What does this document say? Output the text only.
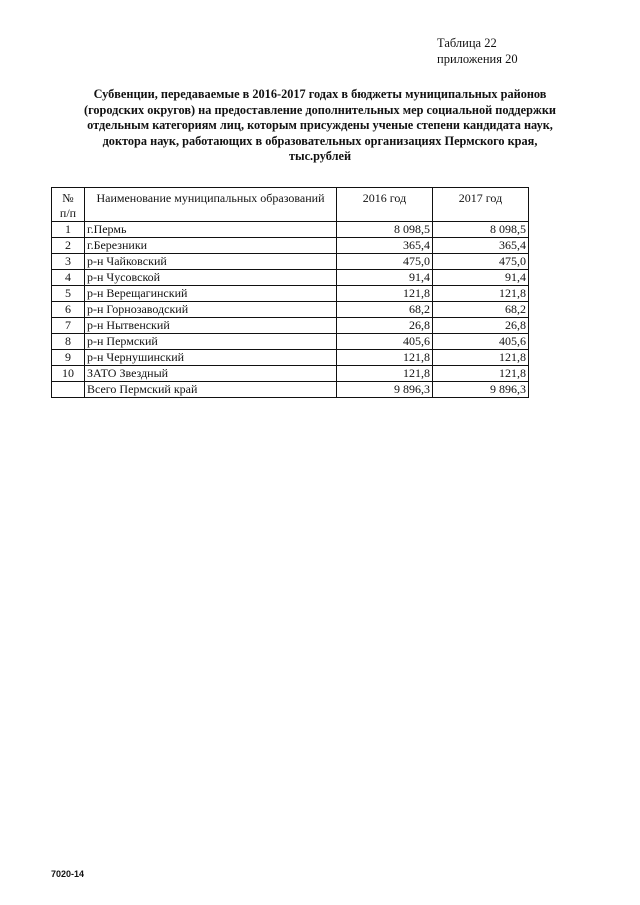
Таблица 22
приложения 20
Субвенции, передаваемые в 2016-2017 годах в бюджеты муниципальных районов
(городских округов) на предоставление дополнительных мер социальной поддержки
отдельным категориям лиц, которым присуждены ученые степени кандидата наук,
доктора наук, работающих в образовательных организациях Пермского края,
тыс.рублей
№
п/п	Наименование муниципальных образований	2016 год	2017 год
1	г.Пермь	8 098,5	8 098,5
2	г.Березники	365,4	365,4
3	р-н Чайковский	475,0	475,0
4	р-н Чусовской	91,4	91,4
5	р-н Верещагинский	121,8	121,8
6	р-н Горнозаводский	68,2	68,2
7	р-н Нытвенский	26,8	26,8
8	р-н Пермский	405,6	405,6
9	р-н Чернушинский	121,8	121,8
10	ЗАТО Звездный	121,8	121,8
	Всего Пермский край	9 896,3	9 896,3
7020-14
